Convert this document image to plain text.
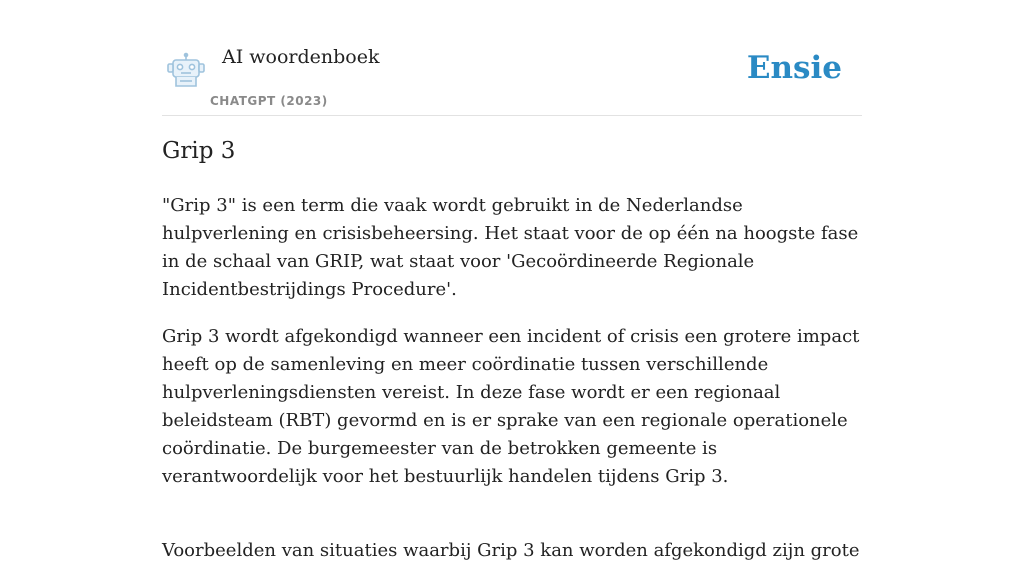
AI woordenboek
CHATGPT (2023)
Ensie
Grip 3

"Grip 3" is een term die vaak wordt gebruikt in de Nederlandse hulpverlening en crisisbeheersing. Het staat voor de op één na hoogste fase in de schaal van GRIP, wat staat voor 'Gecoördineerde Regionale Incidentbestrijdings Procedure'.

Grip 3 wordt afgekondigd wanneer een incident of crisis een grotere impact heeft op de samenleving en meer coördinatie tussen verschillende hulpverleningsdiensten vereist. In deze fase wordt er een regionaal beleidsteam (RBT) gevormd en is er sprake van een regionale operationele coördinatie. De burgemeester van de betrokken gemeente is verantwoordelijk voor het bestuurlijk handelen tijdens Grip 3.

Voorbeelden van situaties waarbij Grip 3 kan worden afgekondigd zijn grote
